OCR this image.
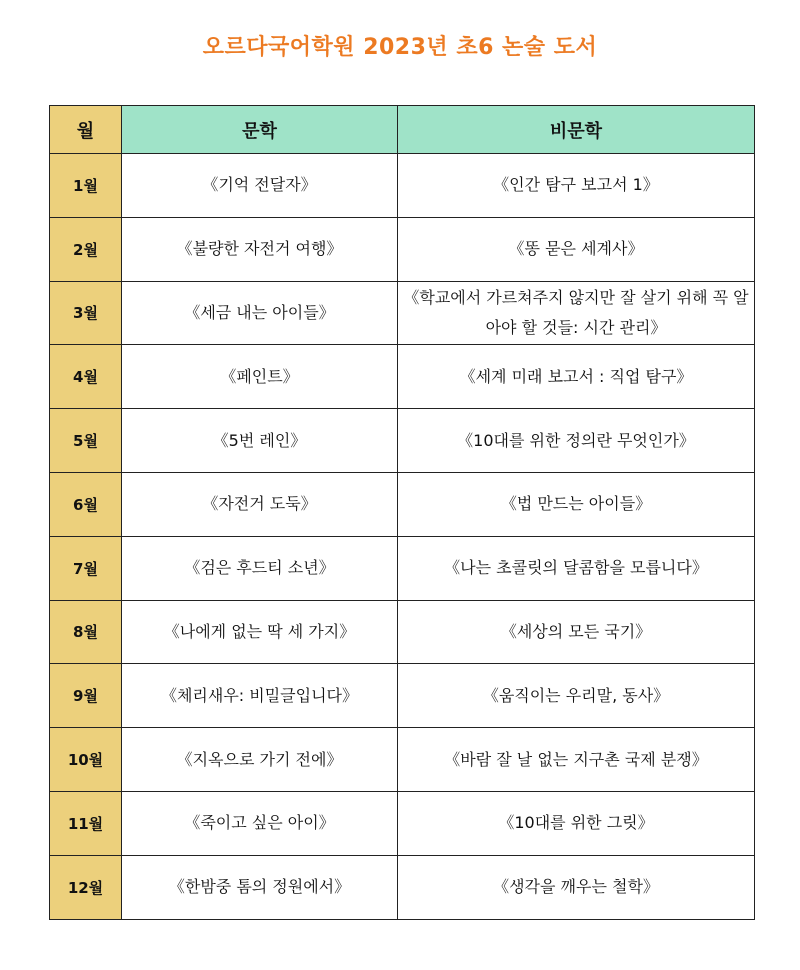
오르다국어학원 2023년 초6 논술 도서
월	문학	비문학
1월	《기억 전달자》	《인간 탐구 보고서 1》
2월	《불량한 자전거 여행》	《똥 묻은 세계사》
3월	《세금 내는 아이들》	《학교에서 가르쳐주지 않지만 잘 살기 위해 꼭 알아야 할 것들: 시간 관리》
4월	《페인트》	《세계 미래 보고서 : 직업 탐구》
5월	《5번 레인》	《10대를 위한 정의란 무엇인가》
6월	《자전거 도둑》	《법 만드는 아이들》
7월	《검은 후드티 소년》	《나는 초콜릿의 달콤함을 모릅니다》
8월	《나에게 없는 딱 세 가지》	《세상의 모든 국기》
9월	《체리새우: 비밀글입니다》	《움직이는 우리말, 동사》
10월	《지옥으로 가기 전에》	《바람 잘 날 없는 지구촌 국제 분쟁》
11월	《죽이고 싶은 아이》	《10대를 위한 그릿》
12월	《한밤중 톰의 정원에서》	《생각을 깨우는 철학》
